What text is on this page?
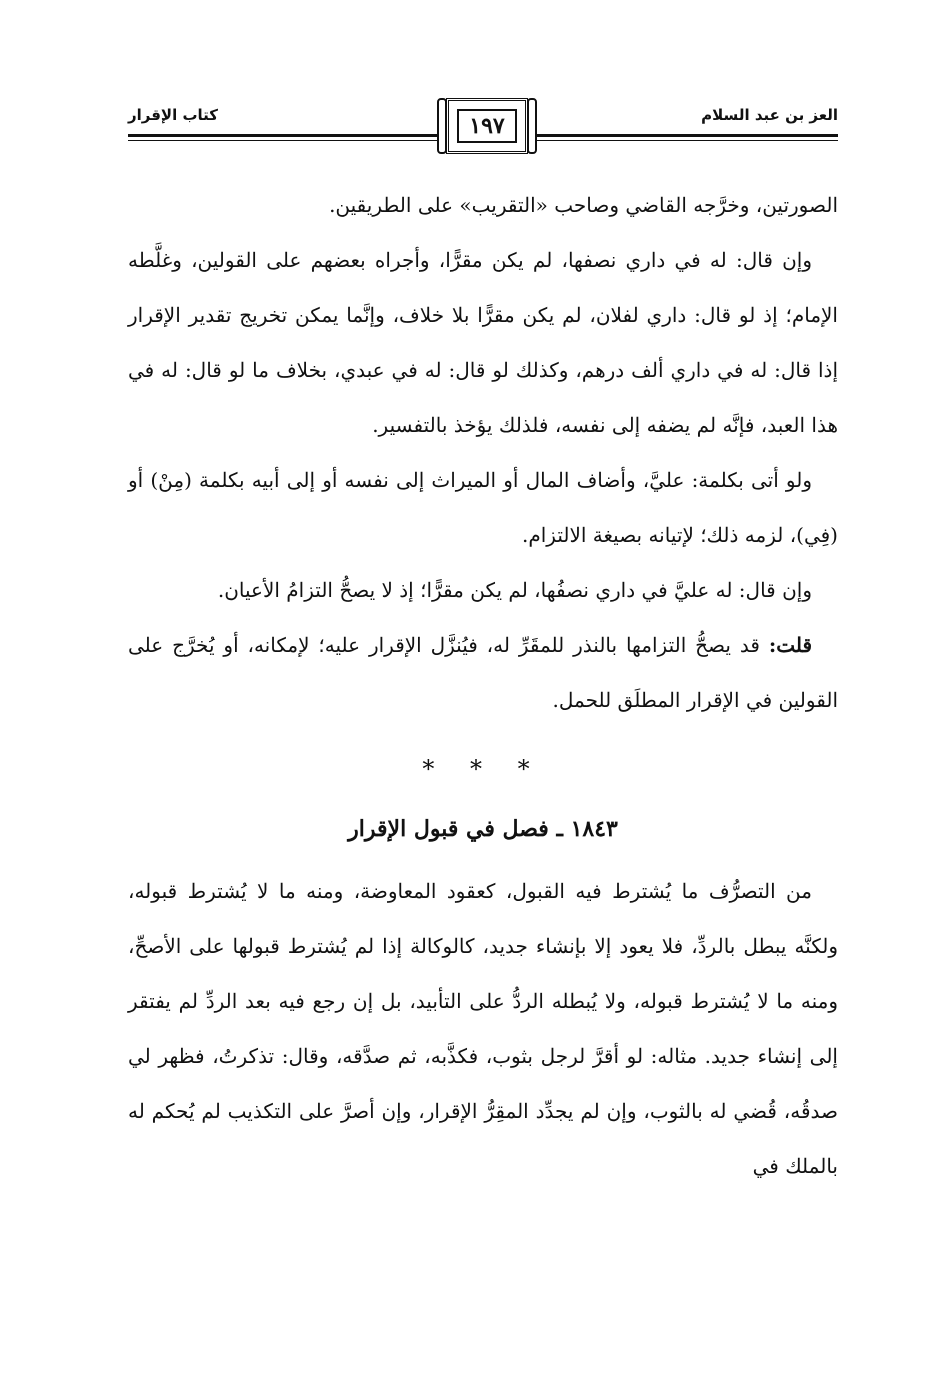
العز بن عبد السلام
كتاب الإقرار	١٩٧

الصورتين، وخرَّجه القاضي وصاحب «التقريب» على الطريقين.

وإن قال: له في داري نصفها، لم يكن مقرًّا، وأجراه بعضهم على القولين، وغلَّطه الإمام؛ إذ لو قال: داري لفلان، لم يكن مقرًّا بلا خلاف، وإنَّما يمكن تخريج تقدير الإقرار إذا قال: له في داري ألف درهم، وكذلك لو قال: له في عبدي، بخلاف ما لو قال: له في هذا العبد، فإنَّه لم يضفه إلى نفسه، فلذلك يؤخذ بالتفسير.

ولو أتى بكلمة: عليَّ، وأضاف المال أو الميراث إلى نفسه أو إلى أبيه بكلمة (مِنْ) أو (فِي)، لزمه ذلك؛ لإتيانه بصيغة الالتزام.

وإن قال: له عليَّ في داري نصفُها، لم يكن مقرًّا؛ إذ لا يصحُّ التزامُ الأعيان.

قلت: قد يصحُّ التزامها بالنذر للمقَرِّ له، فيُنزَّل الإقرار عليه؛ لإمكانه، أو يُخرَّج على القولين في الإقرار المطلَق للحمل.

* * *
١٨٤٣ ـ فصل في قبول الإقرار

من التصرُّف ما يُشترط فيه القبول، كعقود المعاوضة، ومنه ما لا يُشترط قبوله، ولكنَّه يبطل بالردِّ، فلا يعود إلا بإنشاء جديد، كالوكالة إذا لم يُشترط قبولها على الأصحِّ، ومنه ما لا يُشترط قبوله، ولا يُبطله الردُّ على التأبيد، بل إن رجع فيه بعد الردِّ لم يفتقر إلى إنشاء جديد. مثاله: لو أقرَّ لرجل بثوب، فكذَّبه، ثم صدَّقه، وقال: تذكرتُ، فظهر لي صدقُه، قُضي له بالثوب، وإن لم يجدِّد المقِرُّ الإقرار، وإن أصرَّ على التكذيب لم يُحكم له بالملك في
